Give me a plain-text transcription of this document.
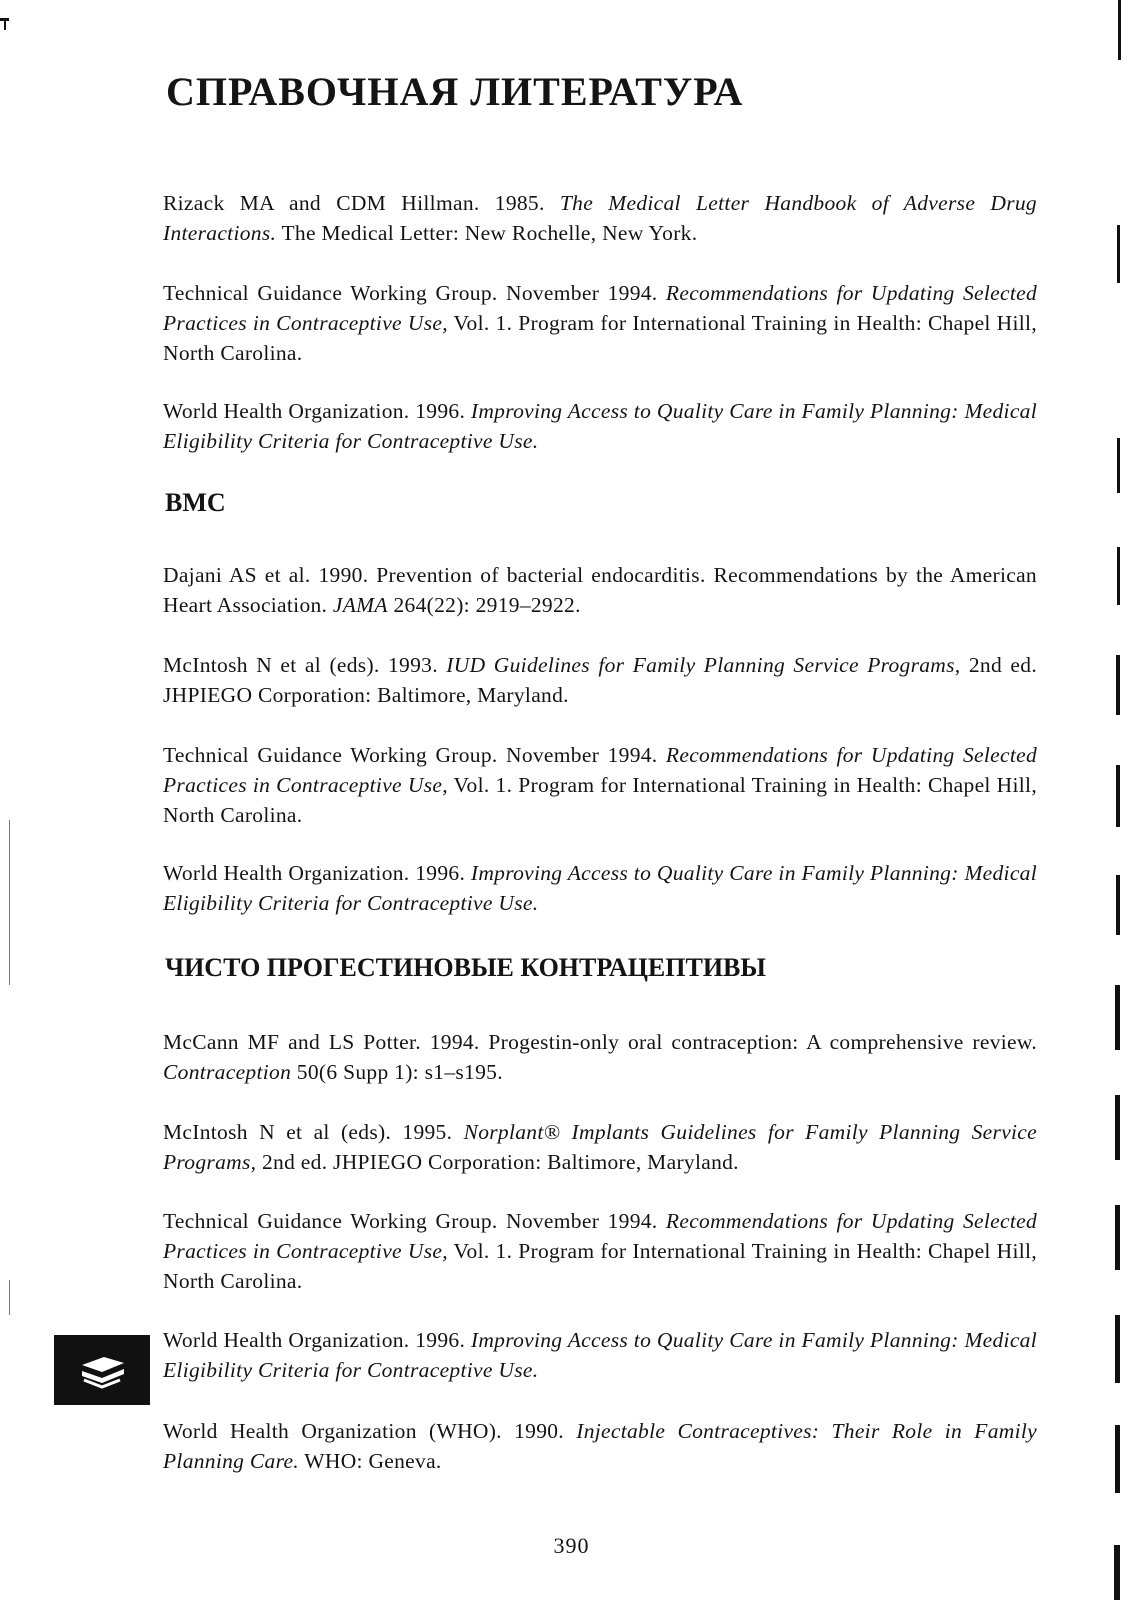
СПРАВОЧНАЯ ЛИТЕРАТУРА

Rizack MA and CDM Hillman. 1985. The Medical Letter Handbook of Adverse Drug Interactions. The Medical Letter: New Rochelle, New York.

Technical Guidance Working Group. November 1994. Recommendations for Updating Selected Practices in Contraceptive Use, Vol. 1. Program for International Training in Health: Chapel Hill, North Carolina.

World Health Organization. 1996. Improving Access to Quality Care in Family Planning: Medical Eligibility Criteria for Contraceptive Use.

ВМС

Dajani AS et al. 1990. Prevention of bacterial endocarditis. Recommendations by the American Heart Association. JAMA 264(22): 2919–2922.

McIntosh N et al (eds). 1993. IUD Guidelines for Family Planning Service Programs, 2nd ed. JHPIEGO Corporation: Baltimore, Maryland.

Technical Guidance Working Group. November 1994. Recommendations for Updating Selected Practices in Contraceptive Use, Vol. 1. Program for International Training in Health: Chapel Hill, North Carolina.

World Health Organization. 1996. Improving Access to Quality Care in Family Planning: Medical Eligibility Criteria for Contraceptive Use.

ЧИСТО ПРОГЕСТИНОВЫЕ КОНТРАЦЕПТИВЫ

McCann MF and LS Potter. 1994. Progestin-only oral contraception: A comprehensive review. Contraception 50(6 Supp 1): s1–s195.

McIntosh N et al (eds). 1995. Norplant® Implants Guidelines for Family Planning Service Programs, 2nd ed. JHPIEGO Corporation: Baltimore, Maryland.

Technical Guidance Working Group. November 1994. Recommendations for Updating Selected Practices in Contraceptive Use, Vol. 1. Program for International Training in Health: Chapel Hill, North Carolina.

World Health Organization. 1996. Improving Access to Quality Care in Family Planning: Medical Eligibility Criteria for Contraceptive Use.

World Health Organization (WHO). 1990. Injectable Contraceptives: Their Role in Family Planning Care. WHO: Geneva.

390
